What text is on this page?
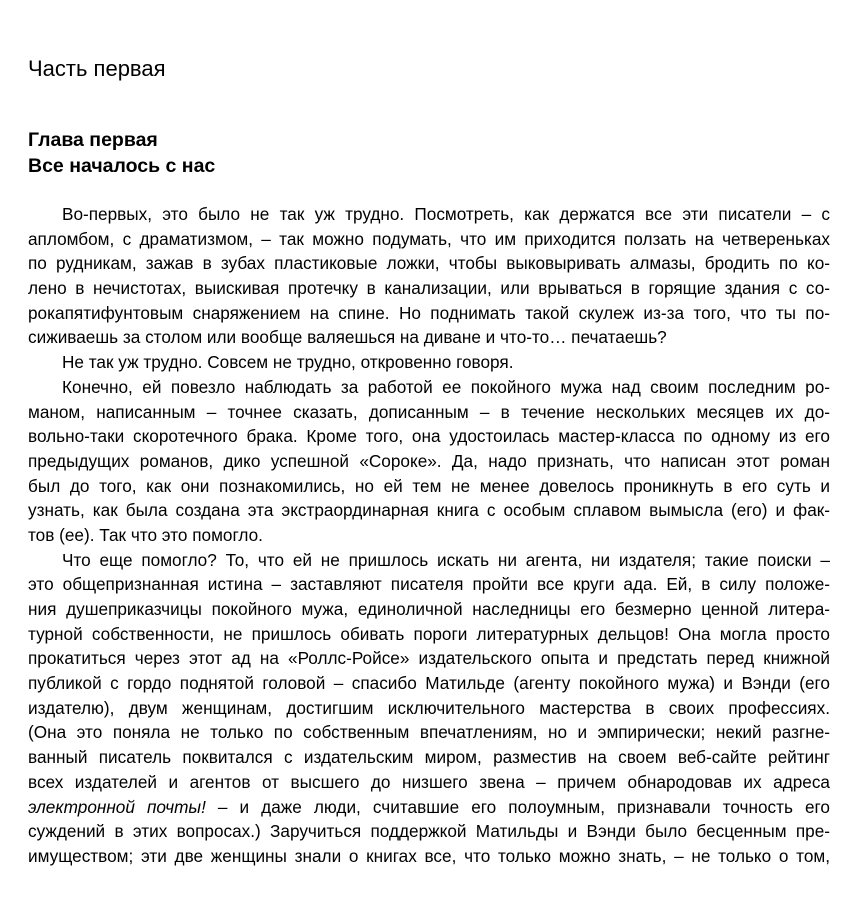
Часть первая
Глава первая
Все началось с нас
Во-первых, это было не так уж трудно. Посмотреть, как держатся все эти писатели – с
апломбом, с драматизмом, – так можно подумать, что им приходится ползать на четвереньках
по рудникам, зажав в зубах пластиковые ложки, чтобы выковыривать алмазы, бродить по ко-
лено в нечистотах, выискивая протечку в канализации, или врываться в горящие здания с со-
рокапятифунтовым снаряжением на спине. Но поднимать такой скулеж из-за того, что ты по-
сиживаешь за столом или вообще валяешься на диване и что-то… печатаешь?
Не так уж трудно. Совсем не трудно, откровенно говоря.
Конечно, ей повезло наблюдать за работой ее покойного мужа над своим последним ро-
маном, написанным – точнее сказать, дописанным – в течение нескольких месяцев их до-
вольно-таки скоротечного брака. Кроме того, она удостоилась мастер-класса по одному из его
предыдущих романов, дико успешной «Сороке». Да, надо признать, что написан этот роман
был до того, как они познакомились, но ей тем не менее довелось проникнуть в его суть и
узнать, как была создана эта экстраординарная книга с особым сплавом вымысла (его) и фак-
тов (ее). Так что это помогло.
Что еще помогло? То, что ей не пришлось искать ни агента, ни издателя; такие поиски –
это общепризнанная истина – заставляют писателя пройти все круги ада. Ей, в силу положе-
ния душеприказчицы покойного мужа, единоличной наследницы его безмерно ценной литера-
турной собственности, не пришлось обивать пороги литературных дельцов! Она могла просто
прокатиться через этот ад на «Роллс-Ройсе» издательского опыта и предстать перед книжной
публикой с гордо поднятой головой – спасибо Матильде (агенту покойного мужа) и Вэнди (его
издателю), двум женщинам, достигшим исключительного мастерства в своих профессиях.
(Она это поняла не только по собственным впечатлениям, но и эмпирически; некий разгне-
ванный писатель поквитался с издательским миром, разместив на своем веб-сайте рейтинг
всех издателей и агентов от высшего до низшего звена – причем обнародовав их адреса
электронной почты! – и даже люди, считавшие его полоумным, признавали точность его
суждений в этих вопросах.) Заручиться поддержкой Матильды и Вэнди было бесценным пре-
имуществом; эти две женщины знали о книгах все, что только можно знать, – не только о том,
